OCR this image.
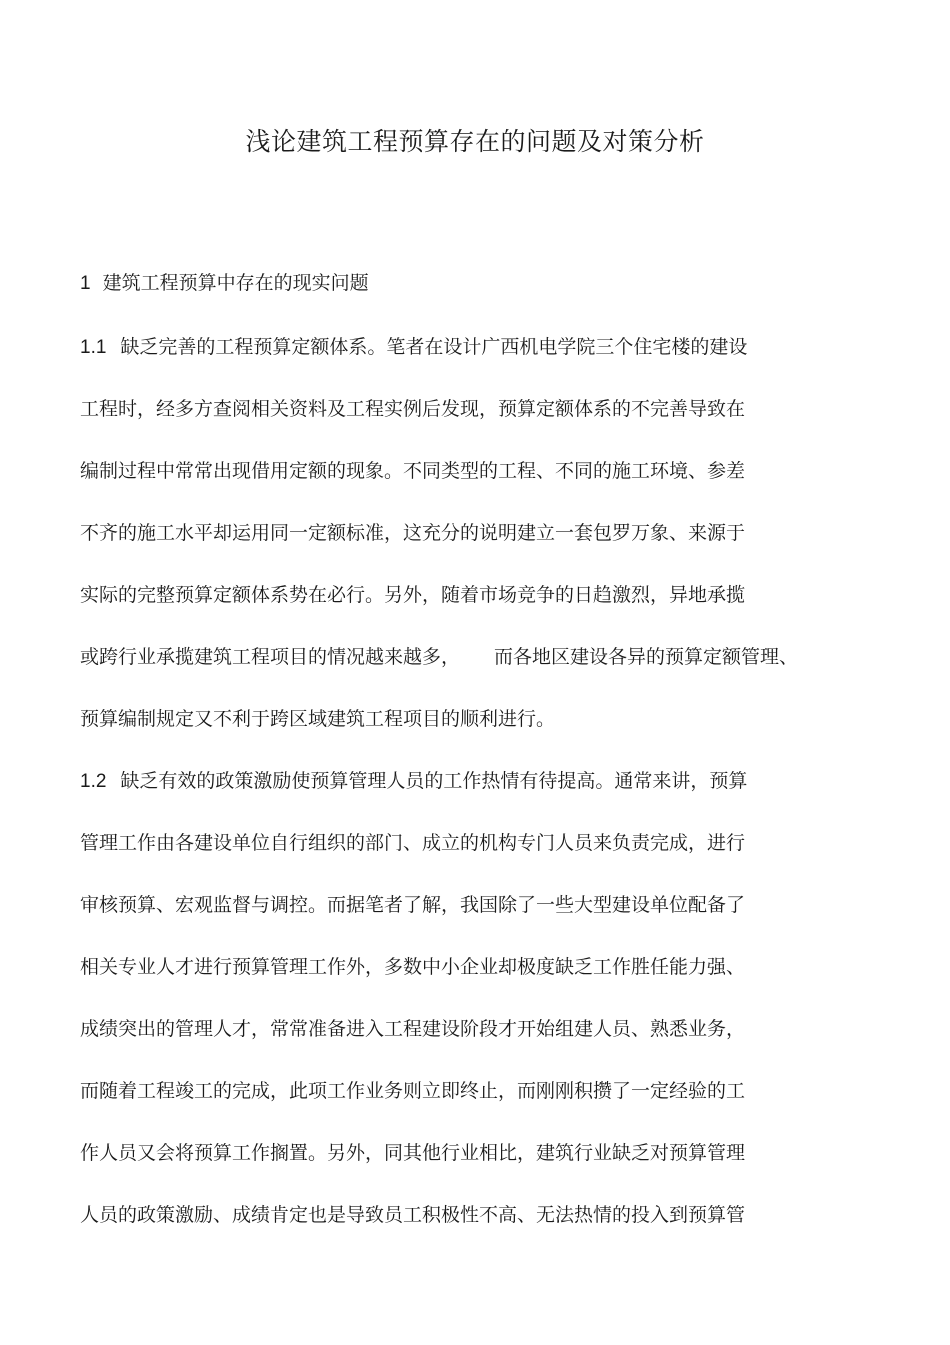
浅论建筑工程预算存在的问题及对策分析

1 建筑工程预算中存在的现实问题

1.1 缺乏完善的工程预算定额体系。笔者在设计广西机电学院三个住宅楼的建设

工程时，经多方查阅相关资料及工程实例后发现，预算定额体系的不完善导致在

编制过程中常常出现借用定额的现象。不同类型的工程、不同的施工环境、参差

不齐的施工水平却运用同一定额标准，这充分的说明建立一套包罗万象、来源于

实际的完整预算定额体系势在必行。另外，随着市场竞争的日趋激烈，异地承揽

或跨行业承揽建筑工程项目的情况越来越多， 而各地区建设各异的预算定额管理、

预算编制规定又不利于跨区域建筑工程项目的顺利进行。

1.2 缺乏有效的政策激励使预算管理人员的工作热情有待提高。通常来讲，预算

管理工作由各建设单位自行组织的部门、成立的机构专门人员来负责完成，进行

审核预算、宏观监督与调控。而据笔者了解，我国除了一些大型建设单位配备了

相关专业人才进行预算管理工作外，多数中小企业却极度缺乏工作胜任能力强、

成绩突出的管理人才，常常准备进入工程建设阶段才开始组建人员、熟悉业务，

而随着工程竣工的完成，此项工作业务则立即终止，而刚刚积攒了一定经验的工

作人员又会将预算工作搁置。另外，同其他行业相比，建筑行业缺乏对预算管理

人员的政策激励、成绩肯定也是导致员工积极性不高、无法热情的投入到预算管
